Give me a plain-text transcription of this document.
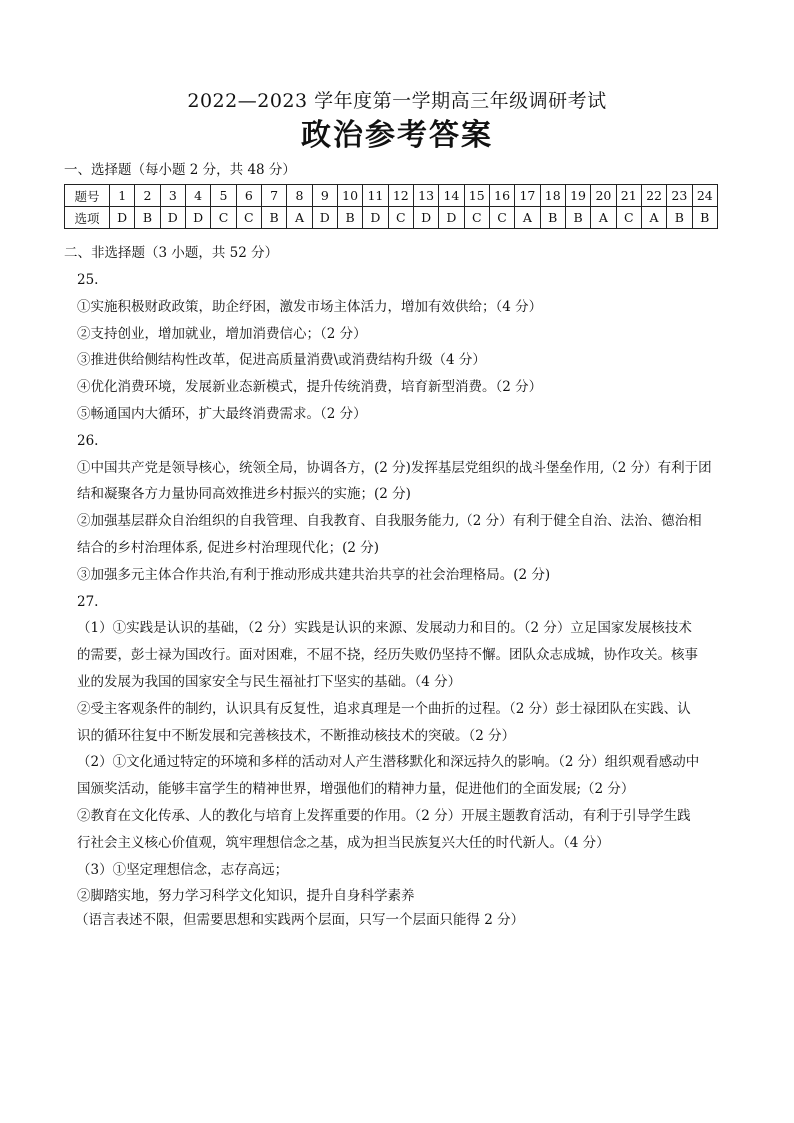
2022—2023 学年度第一学期高三年级调研考试
政治参考答案
一、选择题（每小题 2 分，共 48 分）
题号	1	2	3	4	5	6	7	8	9	10	11	12	13	14	15	16	17	18	19	20	21	22	23	24
选项	D	B	D	D	C	C	B	A	D	B	D	C	D	D	C	C	A	B	B	A	C	A	B	B
二、非选择题（3 小题，共 52 分）
25.
①实施积极财政政策，助企纾困，激发市场主体活力，增加有效供给；（4 分）
②支持创业，增加就业，增加消费信心；（2 分）
③推进供给侧结构性改革，促进高质量消费\或消费结构升级（4 分）
④优化消费环境，发展新业态新模式，提升传统消费，培育新型消费。（2 分）
⑤畅通国内大循环，扩大最终消费需求。（2 分）
26.
①中国共产党是领导核心，统领全局，协调各方，(2 分)发挥基层党组织的战斗堡垒作用,（2 分）有利于团
结和凝聚各方力量协同高效推进乡村振兴的实施；(2 分)
②加强基层群众自治组织的自我管理、自我教育、自我服务能力,（2 分）有利于健全自治、法治、德治相
结合的乡村治理体系, 促进乡村治理现代化；(2 分)
③加强多元主体合作共治,有利于推动形成共建共治共享的社会治理格局。(2 分)
27.
（1）①实践是认识的基础，（2 分）实践是认识的来源、发展动力和目的。（2 分）立足国家发展核技术
的需要，彭士禄为国改行。面对困难，不屈不挠，经历失败仍坚持不懈。团队众志成城，协作攻关。核事
业的发展为我国的国家安全与民生福祉打下坚实的基础。（4 分）
②受主客观条件的制约，认识具有反复性，追求真理是一个曲折的过程。（2 分）彭士禄团队在实践、认
识的循环往复中不断发展和完善核技术，不断推动核技术的突破。（2 分）
（2）①文化通过特定的环境和多样的活动对人产生潜移默化和深远持久的影响。（2 分）组织观看感动中
国颁奖活动，能够丰富学生的精神世界，增强他们的精神力量，促进他们的全面发展;（2 分）
②教育在文化传承、人的教化与培育上发挥重要的作用。（2 分）开展主题教育活动，有利于引导学生践
行社会主义核心价值观，筑牢理想信念之基，成为担当民族复兴大任的时代新人。（4 分）
（3）①坚定理想信念，志存高远；
②脚踏实地，努力学习科学文化知识，提升自身科学素养
（语言表述不限，但需要思想和实践两个层面，只写一个层面只能得 2 分）
